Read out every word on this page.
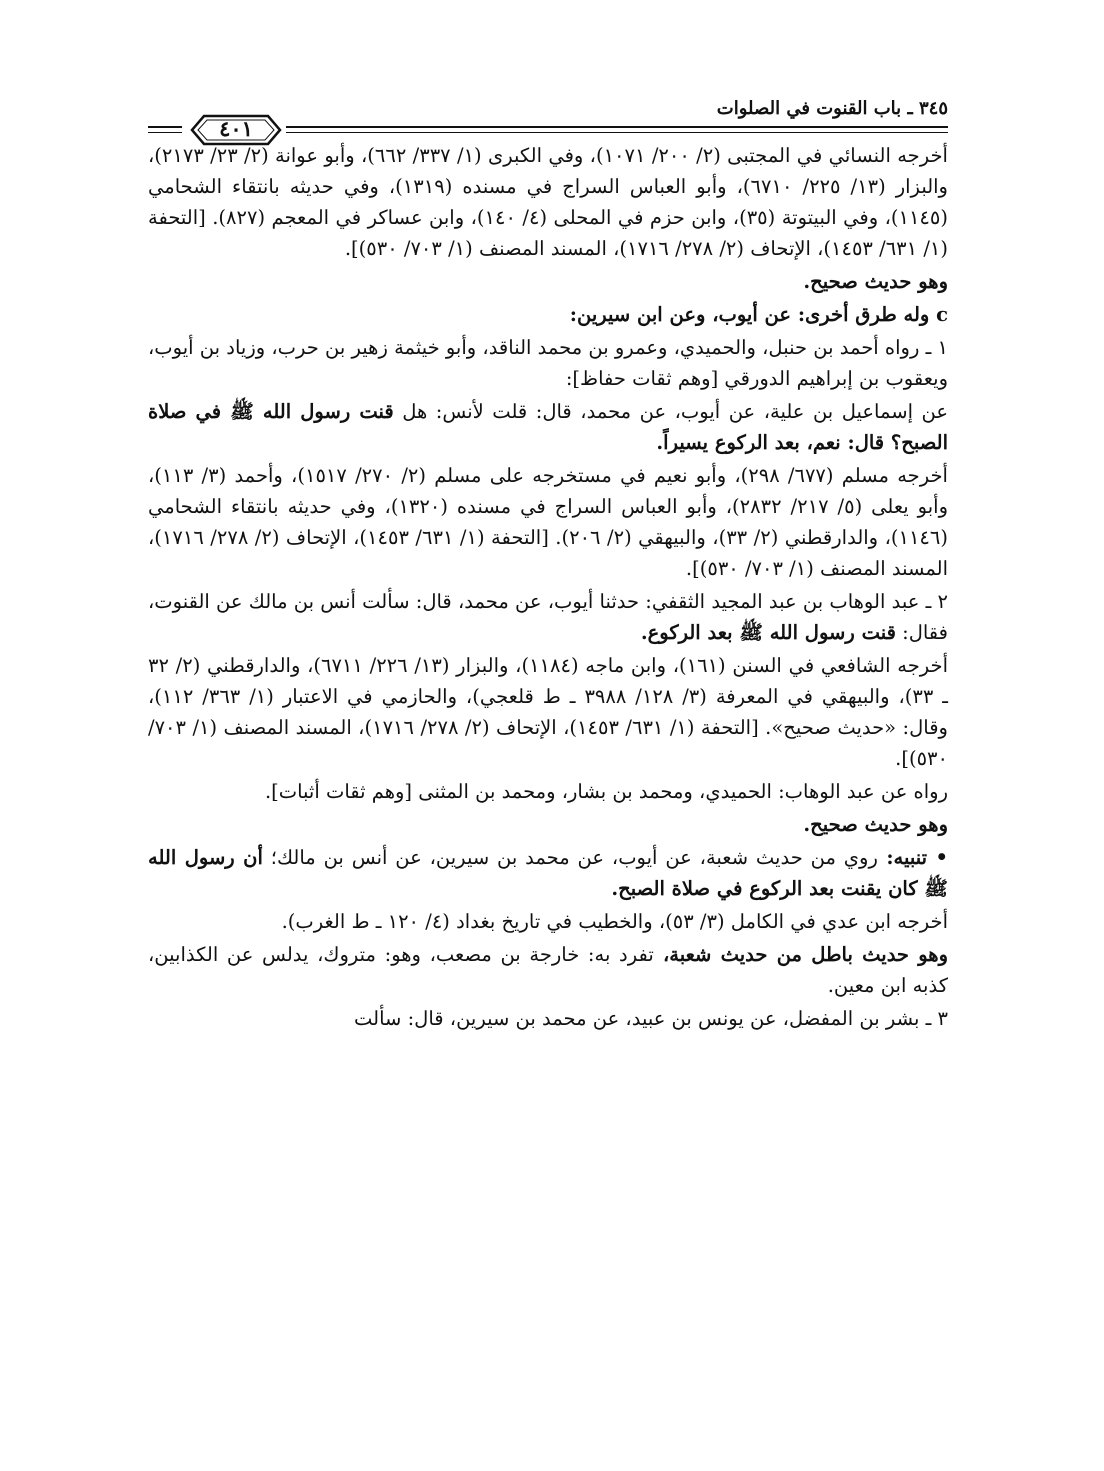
٣٤٥ ـ باب القنوت في الصلوات
٤٠١

أخرجه النسائي في المجتبى (٢/ ٢٠٠/ ١٠٧١)، وفي الكبرى (١/ ٣٣٧/ ٦٦٢)، وأبو عوانة (٢/ ٢٣/ ٢١٧٣)، والبزار (١٣/ ٢٢٥/ ٦٧١٠)، وأبو العباس السراج في مسنده (١٣١٩)، وفي حديثه بانتقاء الشحامي (١١٤٥)، وفي البيتوتة (٣٥)، وابن حزم في المحلى (٤/ ١٤٠)، وابن عساكر في المعجم (٨٢٧). [التحفة (١/ ٦٣١/ ١٤٥٣)، الإتحاف (٢/ ٢٧٨/ ١٧١٦)، المسند المصنف (١/ ٧٠٣/ ٥٣٠)].

وهو حديث صحيح.

c وله طرق أخرى: عن أيوب، وعن ابن سيرين:

١ ـ رواه أحمد بن حنبل، والحميدي، وعمرو بن محمد الناقد، وأبو خيثمة زهير بن حرب، وزياد بن أيوب، ويعقوب بن إبراهيم الدورقي [وهم ثقات حفاظ]:

عن إسماعيل بن علية، عن أيوب، عن محمد، قال: قلت لأنس: هل قنت رسول الله ﷺ في صلاة الصبح؟ قال: نعم، بعد الركوع يسيراً.

أخرجه مسلم (٦٧٧/ ٢٩٨)، وأبو نعيم في مستخرجه على مسلم (٢/ ٢٧٠/ ١٥١٧)، وأحمد (٣/ ١١٣)، وأبو يعلى (٥/ ٢١٧/ ٢٨٣٢)، وأبو العباس السراج في مسنده (١٣٢٠)، وفي حديثه بانتقاء الشحامي (١١٤٦)، والدارقطني (٢/ ٣٣)، والبيهقي (٢/ ٢٠٦). [التحفة (١/ ٦٣١/ ١٤٥٣)، الإتحاف (٢/ ٢٧٨/ ١٧١٦)، المسند المصنف (١/ ٧٠٣/ ٥٣٠)].

٢ ـ عبد الوهاب بن عبد المجيد الثقفي: حدثنا أيوب، عن محمد، قال: سألت أنس بن مالك عن القنوت، فقال: قنت رسول الله ﷺ بعد الركوع.

أخرجه الشافعي في السنن (١٦١)، وابن ماجه (١١٨٤)، والبزار (١٣/ ٢٢٦/ ٦٧١١)، والدارقطني (٢/ ٣٢ ـ ٣٣)، والبيهقي في المعرفة (٣/ ١٢٨/ ٣٩٨٨ ـ ط قلعجي)، والحازمي في الاعتبار (١/ ٣٦٣/ ١١٢)، وقال: «حديث صحيح». [التحفة (١/ ٦٣١/ ١٤٥٣)، الإتحاف (٢/ ٢٧٨/ ١٧١٦)، المسند المصنف (١/ ٧٠٣/ ٥٣٠)].

رواه عن عبد الوهاب: الحميدي، ومحمد بن بشار، ومحمد بن المثنى [وهم ثقات أثبات].

وهو حديث صحيح.

• تنبيه: روي من حديث شعبة، عن أيوب، عن محمد بن سيرين، عن أنس بن مالك؛ أن رسول الله ﷺ كان يقنت بعد الركوع في صلاة الصبح.

أخرجه ابن عدي في الكامل (٣/ ٥٣)، والخطيب في تاريخ بغداد (٤/ ١٢٠ ـ ط الغرب).

وهو حديث باطل من حديث شعبة، تفرد به: خارجة بن مصعب، وهو: متروك، يدلس عن الكذابين، كذبه ابن معين.

٣ ـ بشر بن المفضل، عن يونس بن عبيد، عن محمد بن سيرين، قال: سألت
